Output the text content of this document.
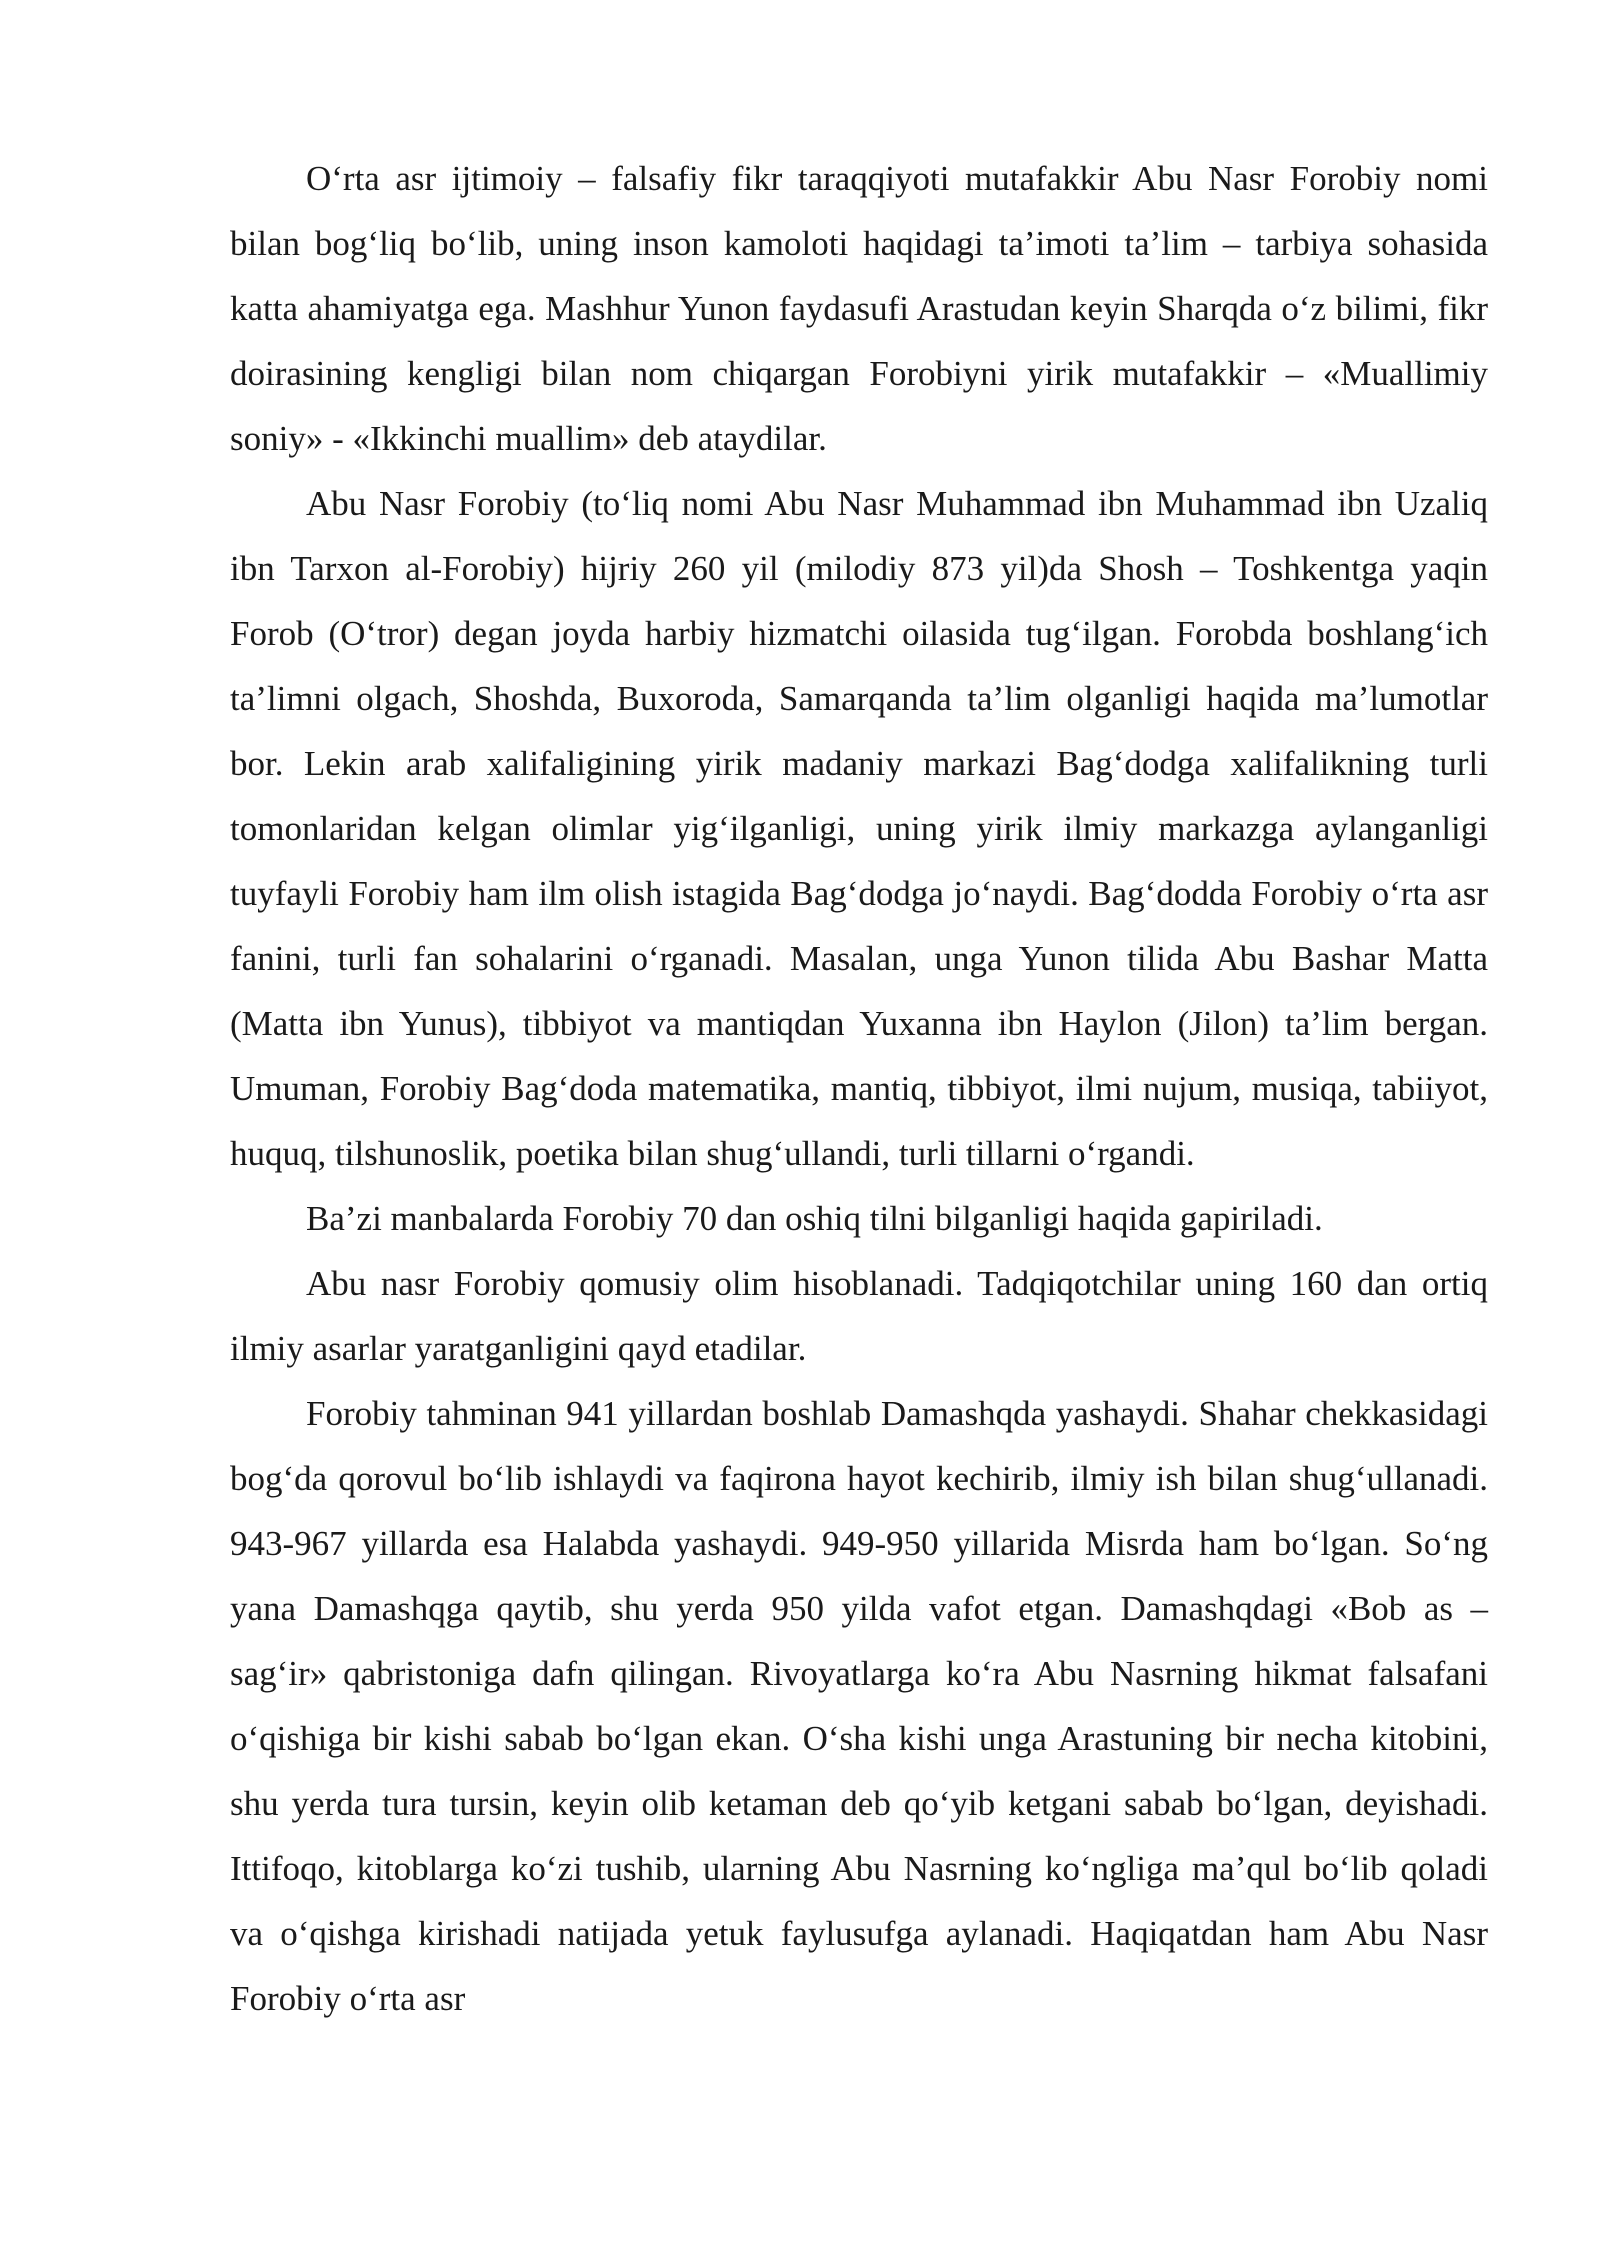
O‘rta asr ijtimoiy – falsafiy fikr taraqqiyoti mutafakkir Abu Nasr Forobiy nomi bilan bog‘liq bo‘lib, uning inson kamoloti haqidagi ta’imoti ta’lim – tarbiya sohasida katta ahamiyatga ega. Mashhur Yunon faydasufi Arastudan keyin Sharqda o‘z bilimi, fikr doirasining kengligi bilan nom chiqargan Forobiyni yirik mutafakkir – «Muallimiy soniy» - «Ikkinchi muallim» deb ataydilar.

Abu Nasr Forobiy (to‘liq nomi Abu Nasr Muhammad ibn Muhammad ibn Uzaliq ibn Tarxon al-Forobiy) hijriy 260 yil (milodiy 873 yil)da Shosh – Toshkentga yaqin Forob (O‘tror) degan joyda harbiy hizmatchi oilasida tug‘ilgan. Forobda boshlang‘ich ta’limni olgach, Shoshda, Buxoroda, Samarqanda ta’lim olganligi haqida ma’lumotlar bor. Lekin arab xalifaligining yirik madaniy markazi Bag‘dodga xalifalikning turli tomonlaridan kelgan olimlar yig‘ilganligi, uning yirik ilmiy markazga aylanganligi tuyfayli Forobiy ham ilm olish istagida Bag‘dodga jo‘naydi. Bag‘dodda Forobiy o‘rta asr fanini, turli fan sohalarini o‘rganadi. Masalan, unga Yunon tilida Abu Bashar Matta (Matta ibn Yunus), tibbiyot va mantiqdan Yuxanna ibn Haylon (Jilon) ta’lim bergan. Umuman, Forobiy Bag‘doda matematika, mantiq, tibbiyot, ilmi nujum, musiqa, tabiiyot, huquq, tilshunoslik, poetika bilan shug‘ullandi, turli tillarni o‘rgandi.

Ba’zi manbalarda Forobiy 70 dan oshiq tilni bilganligi haqida gapiriladi.

Abu nasr Forobiy qomusiy olim hisoblanadi. Tadqiqotchilar uning 160 dan ortiq ilmiy asarlar yaratganligini qayd etadilar.

Forobiy tahminan 941 yillardan boshlab Damashqda yashaydi. Shahar chekkasidagi bog‘da qorovul bo‘lib ishlaydi va faqirona hayot kechirib, ilmiy ish bilan shug‘ullanadi. 943-967 yillarda esa Halabda yashaydi. 949-950 yillarida Misrda ham bo‘lgan. So‘ng yana Damashqga qaytib, shu yerda 950 yilda vafot etgan. Damashqdagi «Bob as – sag‘ir» qabristoniga dafn qilingan. Rivoyatlarga ko‘ra Abu Nasrning hikmat falsafani o‘qishiga bir kishi sabab bo‘lgan ekan. O‘sha kishi unga Arastuning bir necha kitobini, shu yerda tura tursin, keyin olib ketaman deb qo‘yib ketgani sabab bo‘lgan, deyishadi. Ittifoqo, kitoblarga ko‘zi tushib, ularning Abu Nasrning ko‘ngliga ma’qul bo‘lib qoladi va o‘qishga kirishadi natijada yetuk faylusufga aylanadi. Haqiqatdan ham Abu Nasr Forobiy o‘rta asr
